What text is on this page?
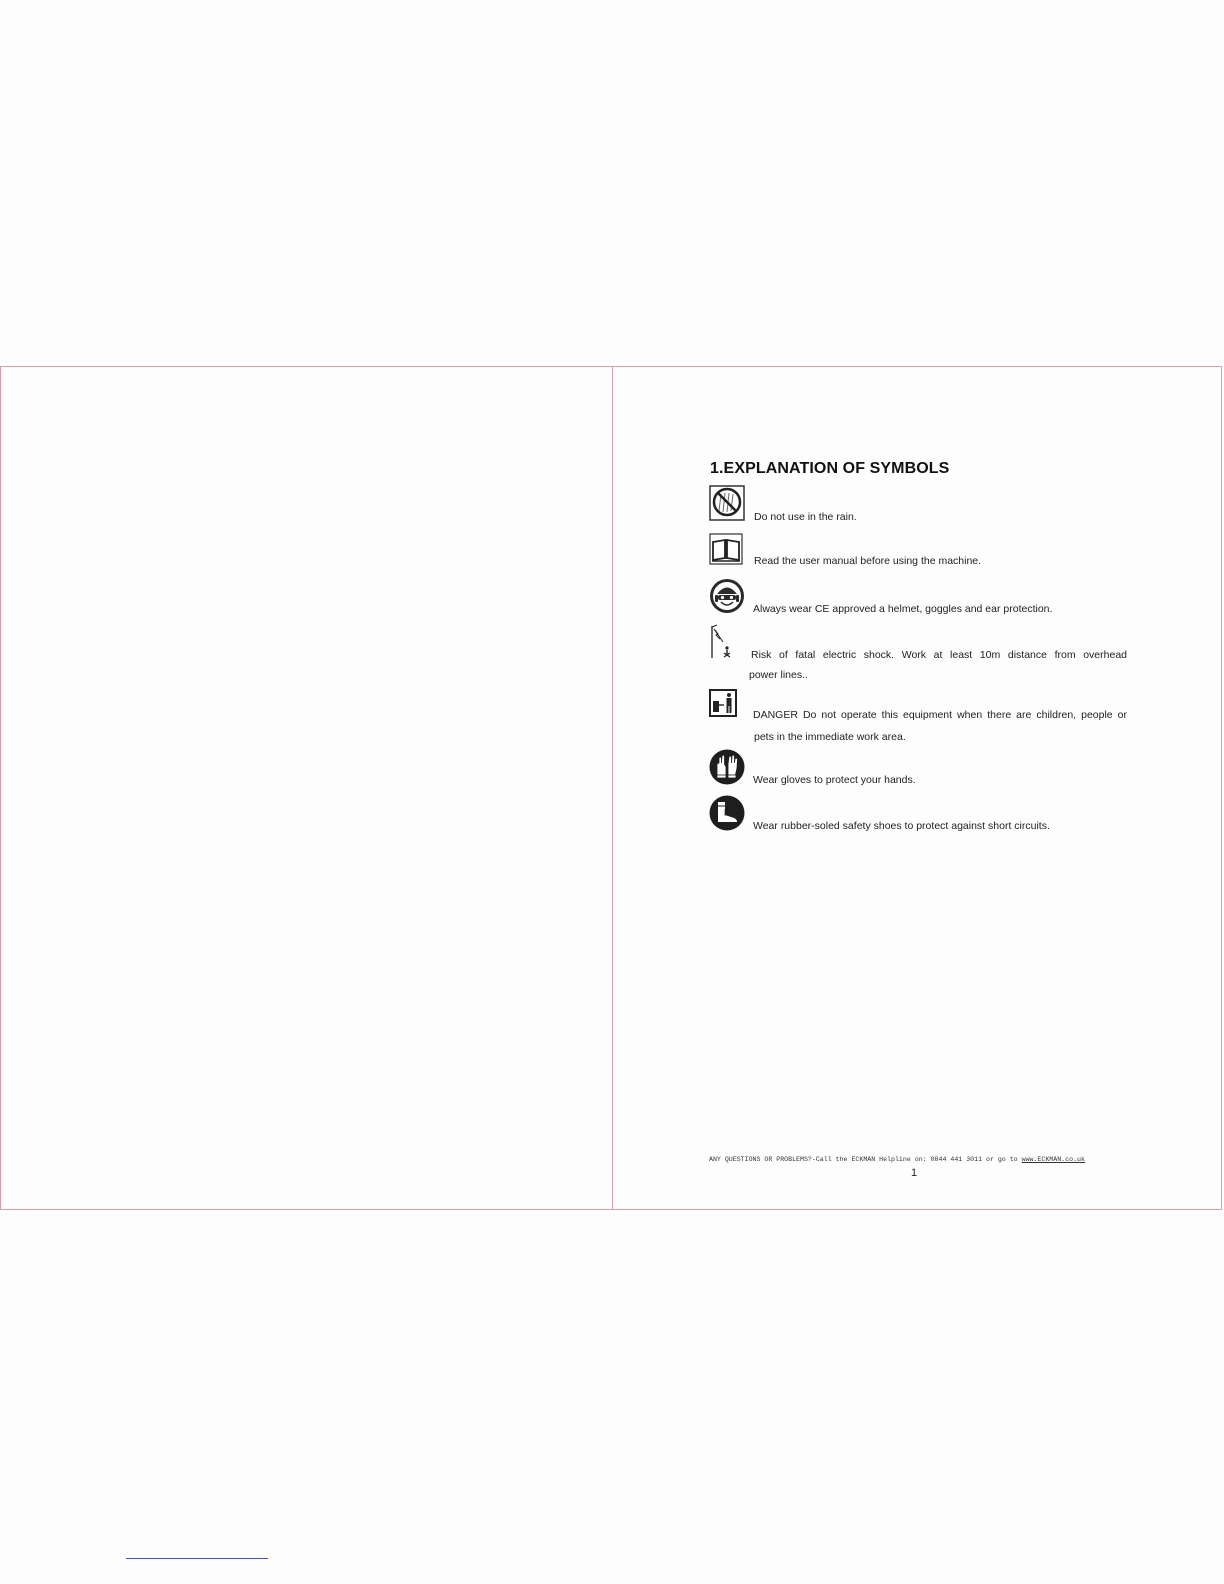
1.EXPLANATION OF SYMBOLS
Do not use in the rain.
Read the user manual before using the machine.
Always wear CE approved a helmet, goggles and ear protection.
Risk of fatal electric shock. Work at least 10m distance from overhead
power lines..
DANGER Do not operate this equipment when there are children, people or
pets in the immediate work area.
Wear gloves to protect your hands.
Wear rubber-soled safety shoes to protect against short circuits.
ANY QUESTIONS OR PROBLEMS?-Call the ECKMAN Helpline on: 0844 441 3011 or go to www.ECKMAN.co.uk
1
